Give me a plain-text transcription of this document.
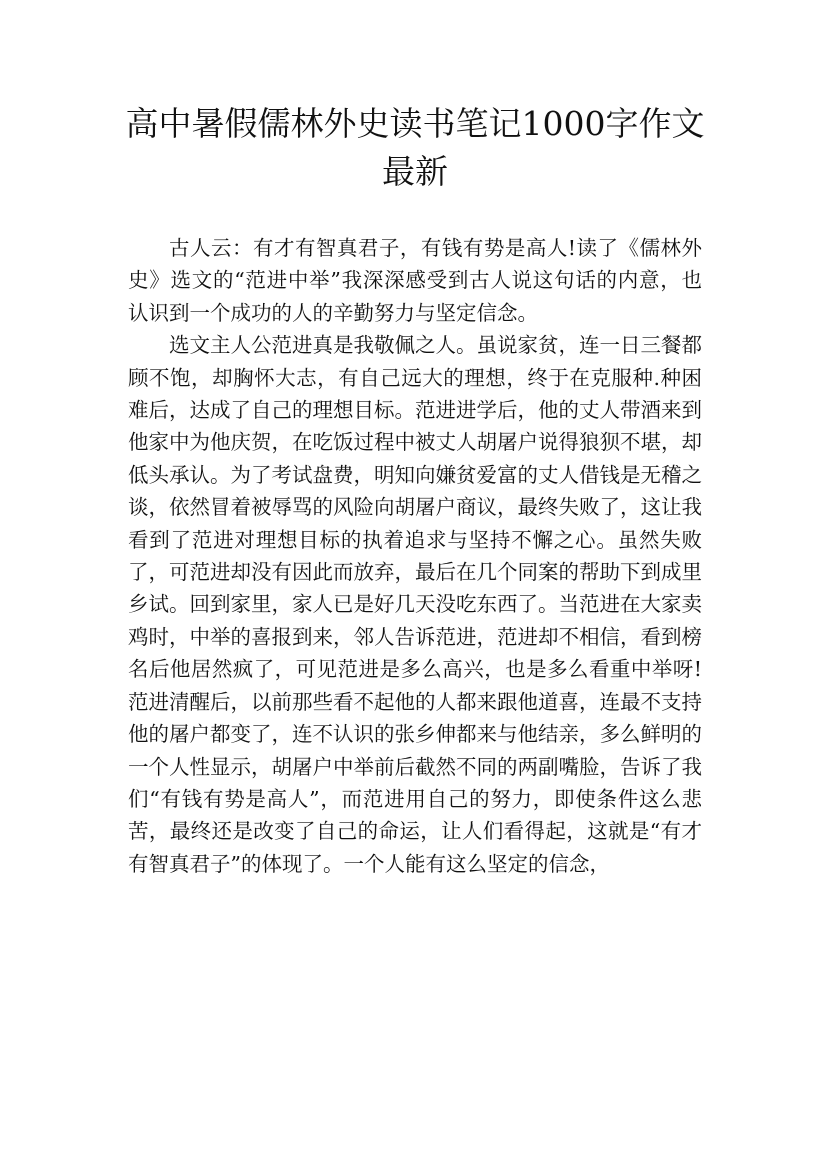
高中暑假儒林外史读书笔记1000字作文最新

古人云：有才有智真君子，有钱有势是高人!读了《儒林外史》选文的“范进中举”我深深感受到古人说这句话的内意，也认识到一个成功的人的辛勤努力与坚定信念。

选文主人公范进真是我敬佩之人。虽说家贫，连一日三餐都顾不饱，却胸怀大志，有自己远大的理想，终于在克服种.种困难后，达成了自己的理想目标。范进进学后，他的丈人带酒来到他家中为他庆贺，在吃饭过程中被丈人胡屠户说得狼狈不堪，却低头承认。为了考试盘费，明知向嫌贫爱富的丈人借钱是无稽之谈，依然冒着被辱骂的风险向胡屠户商议，最终失败了，这让我看到了范进对理想目标的执着追求与坚持不懈之心。虽然失败了，可范进却没有因此而放弃，最后在几个同案的帮助下到成里乡试。回到家里，家人已是好几天没吃东西了。当范进在大家卖鸡时，中举的喜报到来，邻人告诉范进，范进却不相信，看到榜名后他居然疯了，可见范进是多么高兴，也是多么看重中举呀!范进清醒后，以前那些看不起他的人都来跟他道喜，连最不支持他的屠户都变了，连不认识的张乡伸都来与他结亲，多么鲜明的一个人性显示，胡屠户中举前后截然不同的两副嘴脸，告诉了我们“有钱有势是高人”，而范进用自己的努力，即使条件这么悲苦，最终还是改变了自己的命运，让人们看得起，这就是“有才有智真君子”的体现了。一个人能有这么坚定的信念，
